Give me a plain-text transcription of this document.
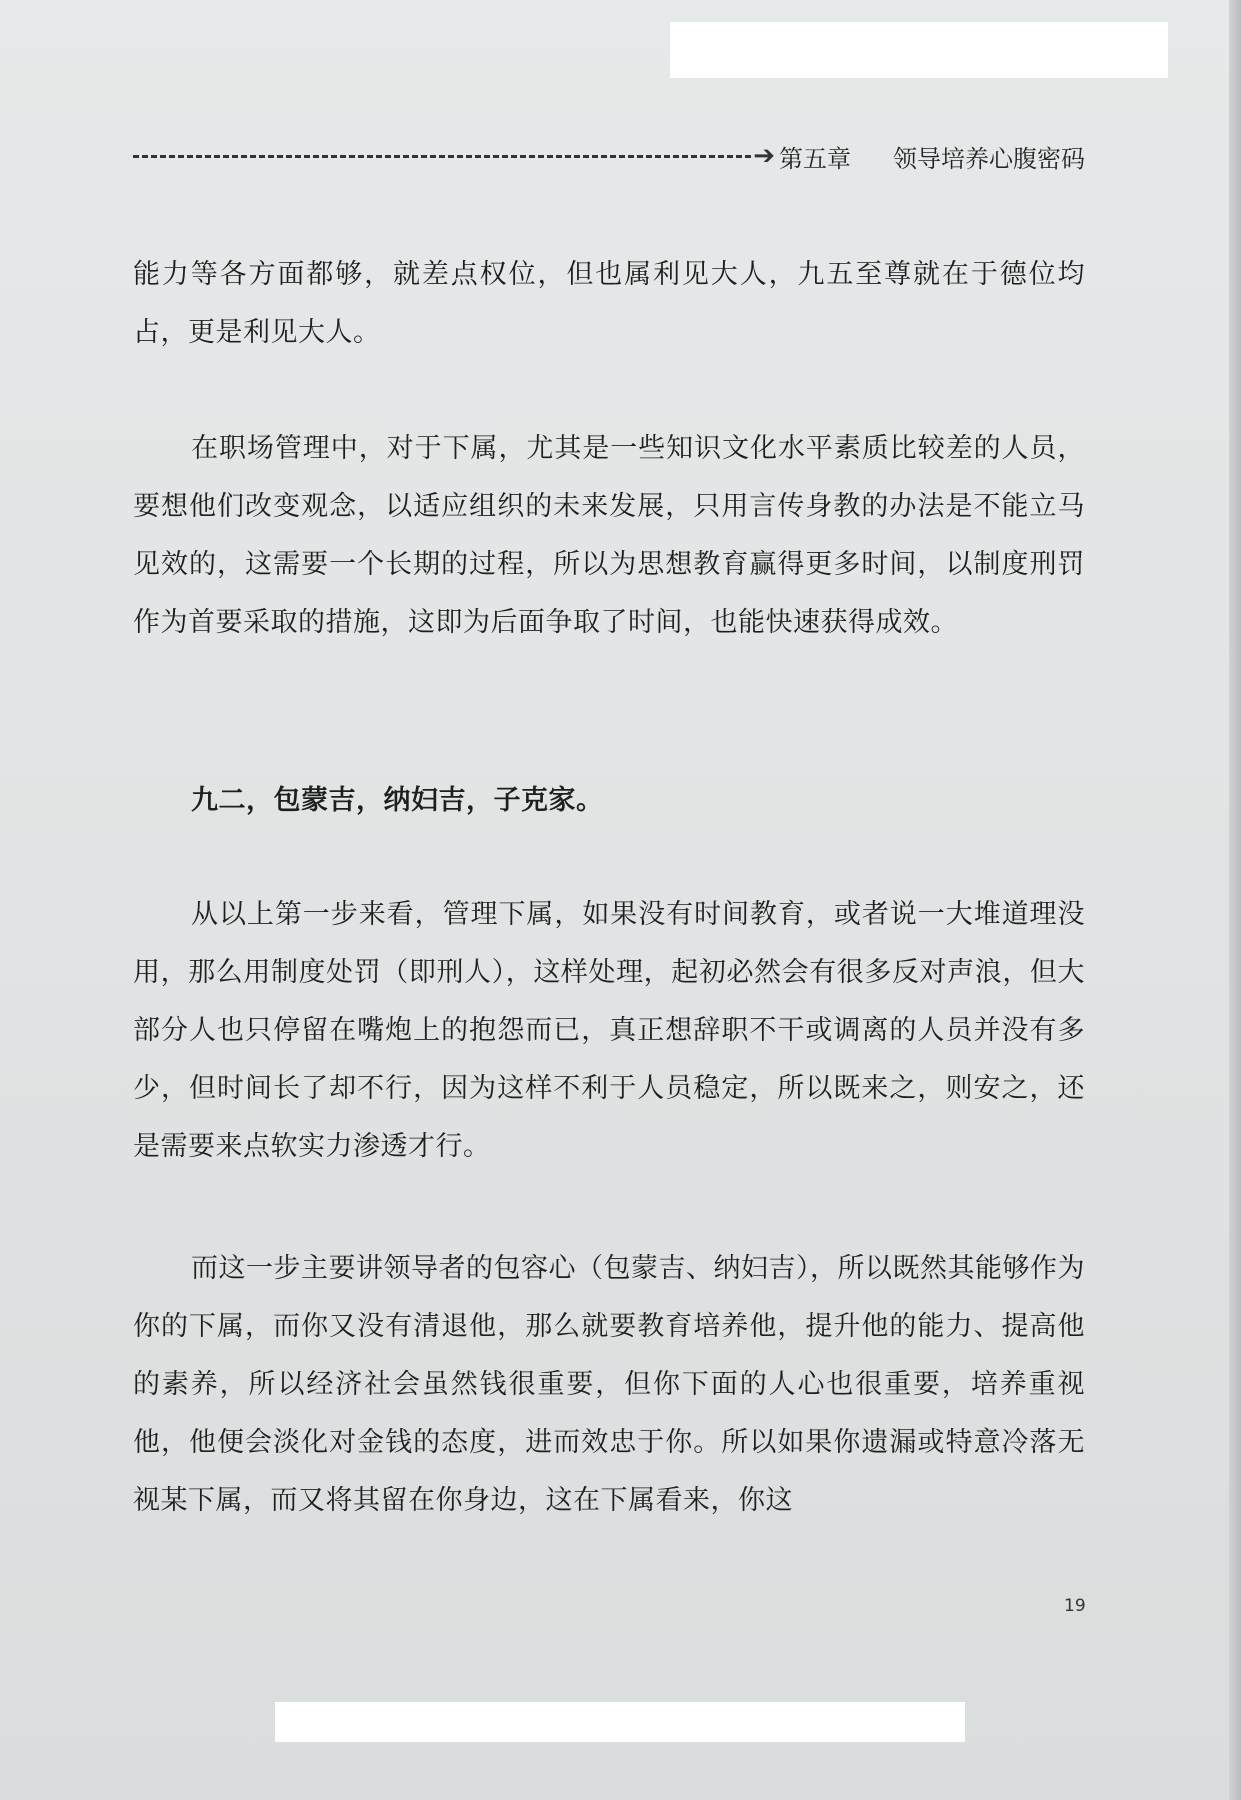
➔ 第五章 领导培养心腹密码

能力等各方面都够，就差点权位，但也属利见大人，九五至尊就在于德位均占，更是利见大人。

在职场管理中，对于下属，尤其是一些知识文化水平素质比较差的人员，要想他们改变观念，以适应组织的未来发展，只用言传身教的办法是不能立马见效的，这需要一个长期的过程，所以为思想教育赢得更多时间，以制度刑罚作为首要采取的措施，这即为后面争取了时间，也能快速获得成效。

九二，包蒙吉，纳妇吉，子克家。

从以上第一步来看，管理下属，如果没有时间教育，或者说一大堆道理没用，那么用制度处罚（即刑人），这样处理，起初必然会有很多反对声浪，但大部分人也只停留在嘴炮上的抱怨而已，真正想辞职不干或调离的人员并没有多少，但时间长了却不行，因为这样不利于人员稳定，所以既来之，则安之，还是需要来点软实力渗透才行。

而这一步主要讲领导者的包容心（包蒙吉、纳妇吉），所以既然其能够作为你的下属，而你又没有清退他，那么就要教育培养他，提升他的能力、提高他的素养，所以经济社会虽然钱很重要，但你下面的人心也很重要，培养重视他，他便会淡化对金钱的态度，进而效忠于你。所以如果你遗漏或特意冷落无视某下属，而又将其留在你身边，这在下属看来，你这

19
